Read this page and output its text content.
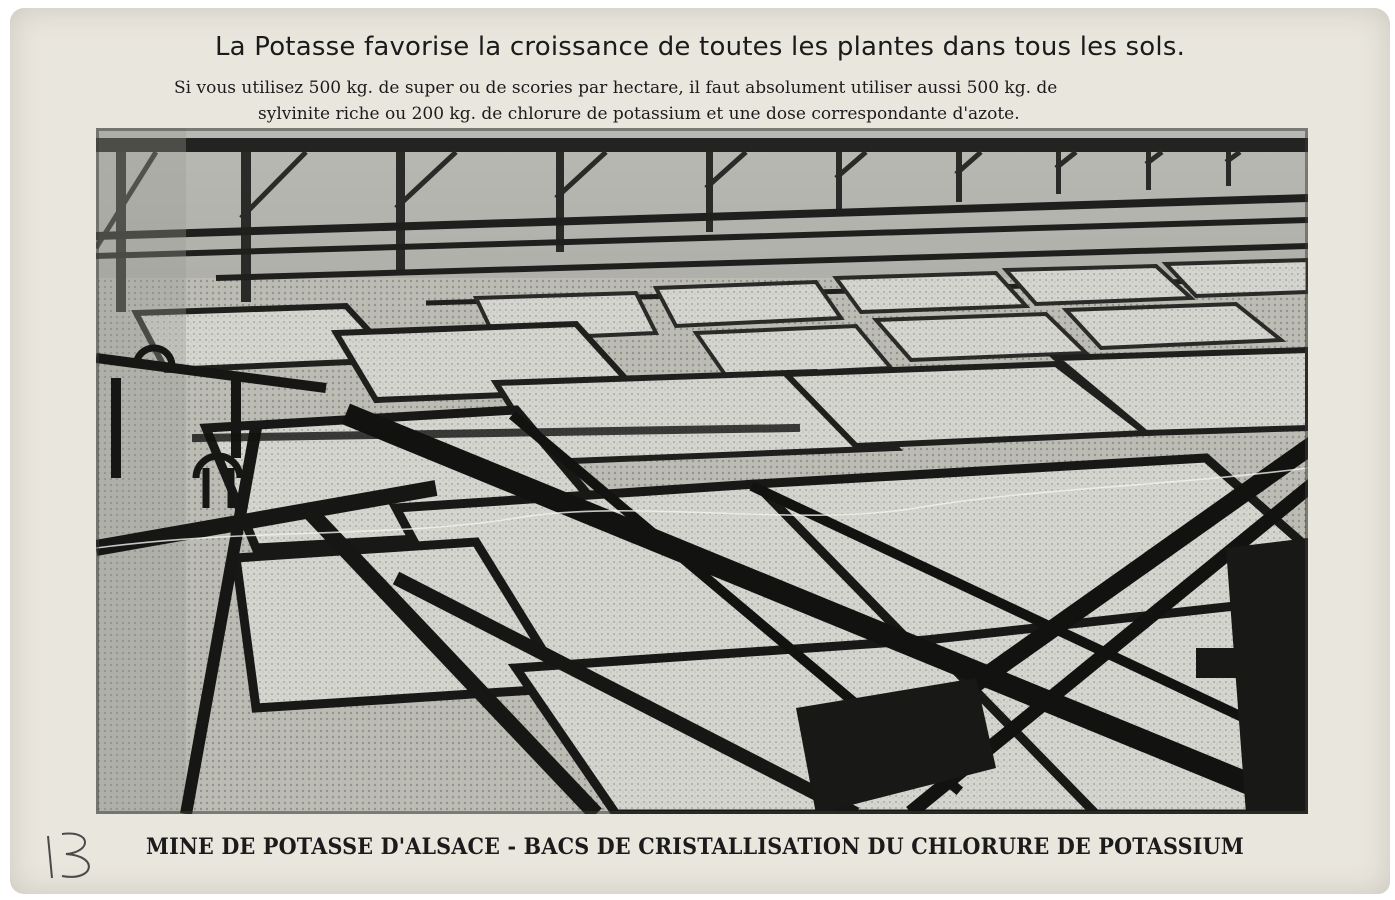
La Potasse favorise la croissance de toutes les plantes dans tous les sols.
Si vous utilisez 500 kg. de super ou de scories par hectare, il faut absolument utiliser aussi 500 kg. de
sylvinite riche ou 200 kg. de chlorure de potassium et une dose correspondante d'azote.
MINE DE POTASSE D'ALSACE - BACS DE CRISTALLISATION DU CHLORURE DE POTASSIUM
